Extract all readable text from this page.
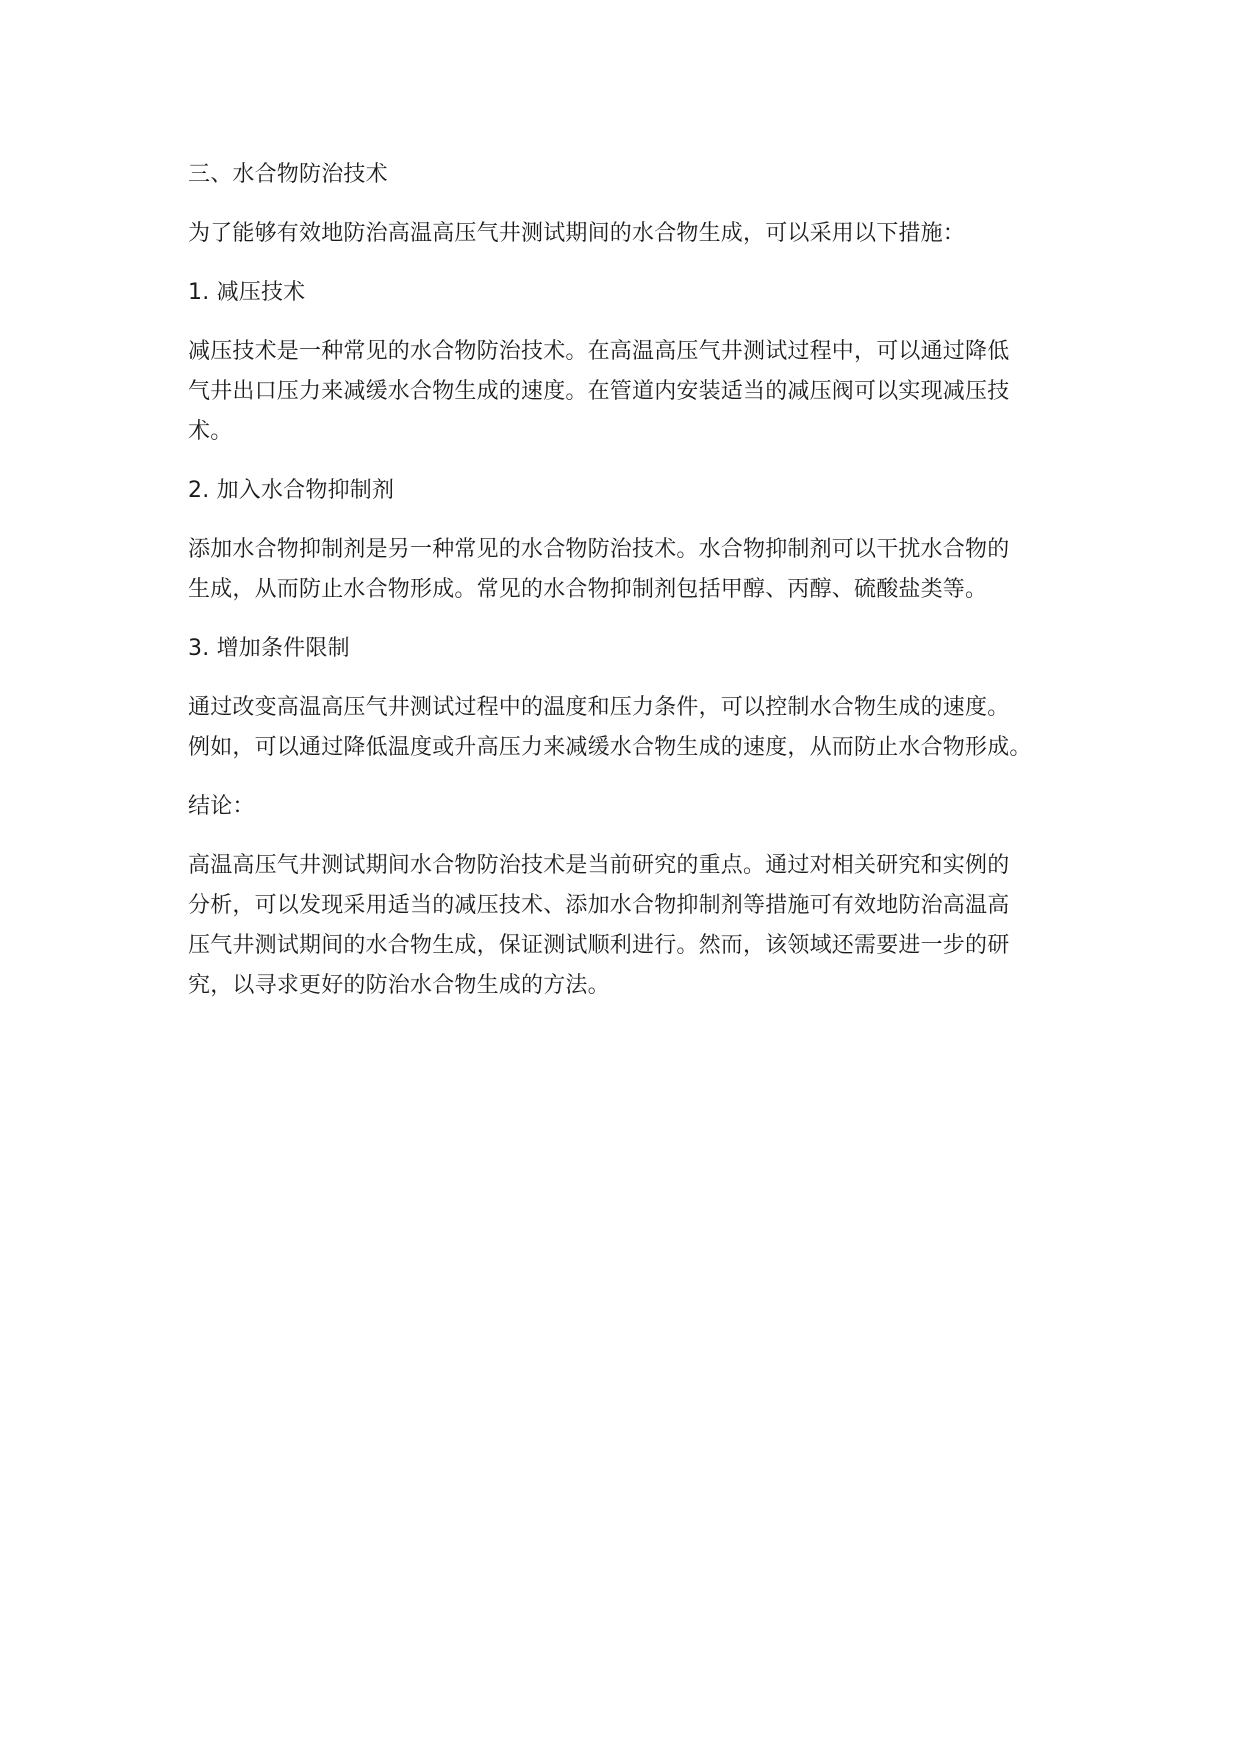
三、水合物防治技术

为了能够有效地防治高温高压气井测试期间的水合物生成，可以采用以下措施：

1. 减压技术

减压技术是一种常见的水合物防治技术。在高温高压气井测试过程中，可以通过降低
气井出口压力来减缓水合物生成的速度。在管道内安装适当的减压阀可以实现减压技
术。

2. 加入水合物抑制剂

添加水合物抑制剂是另一种常见的水合物防治技术。水合物抑制剂可以干扰水合物的
生成，从而防止水合物形成。常见的水合物抑制剂包括甲醇、丙醇、硫酸盐类等。

3. 增加条件限制

通过改变高温高压气井测试过程中的温度和压力条件，可以控制水合物生成的速度。
例如，可以通过降低温度或升高压力来减缓水合物生成的速度，从而防止水合物形成。

结论：

高温高压气井测试期间水合物防治技术是当前研究的重点。通过对相关研究和实例的
分析，可以发现采用适当的减压技术、添加水合物抑制剂等措施可有效地防治高温高
压气井测试期间的水合物生成，保证测试顺利进行。然而，该领域还需要进一步的研
究，以寻求更好的防治水合物生成的方法。
